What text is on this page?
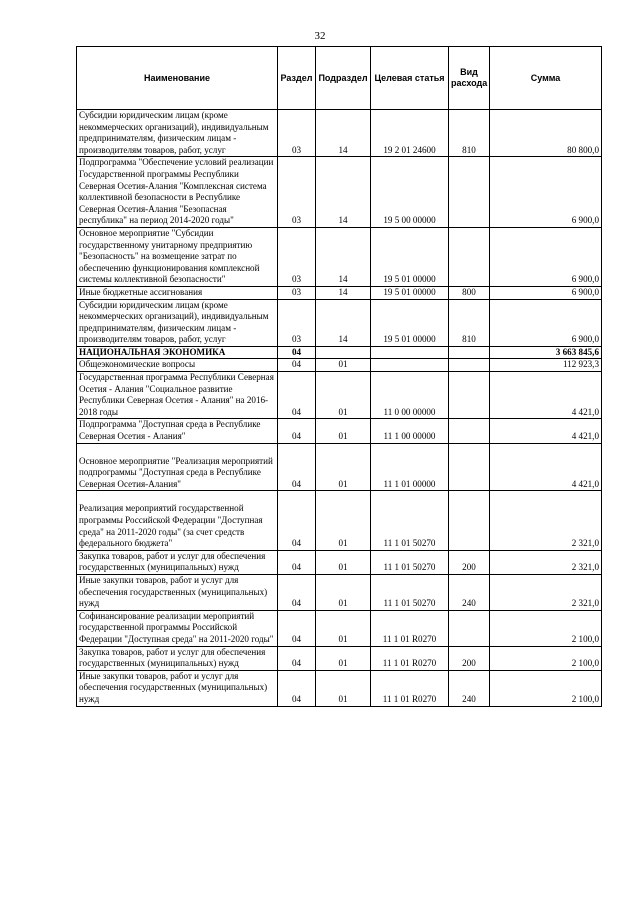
32
Наименование	Раздел	Подраздел	Целевая статья	Вид расхода	Сумма
Субсидии юридическим лицам (кроме некоммерческих организаций), индивидуальным предпринимателям, физическим лицам - производителям товаров, работ, услуг	03	14	19 2 01 24600	810	80 800,0
Подпрограмма "Обеспечение условий реализации Государственной программы Республики Северная Осетия-Алания "Комплексная система коллективной безопасности в Республике Северная Осетия-Алания "Безопасная республика" на период 2014-2020 годы"	03	14	19 5 00 00000		6 900,0
Основное мероприятие "Субсидии государственному унитарному предприятию "Безопасность" на возмещение затрат по обеспечению функционирования комплексной системы коллективной безопасности"	03	14	19 5 01 00000		6 900,0
Иные бюджетные ассигнования	03	14	19 5 01 00000	800	6 900,0
Субсидии юридическим лицам (кроме некоммерческих организаций), индивидуальным предпринимателям, физическим лицам - производителям товаров, работ, услуг	03	14	19 5 01 00000	810	6 900,0
НАЦИОНАЛЬНАЯ ЭКОНОМИКА	04				3 663 845,6
Общеэкономические вопросы	04	01			112 923,3
Государственная программа Республики Северная Осетия - Алания "Социальное развитие Республики Северная Осетия - Алания" на 2016-2018 годы	04	01	11 0 00 00000		4 421,0
Подпрограмма "Доступная среда в Республике Северная Осетия - Алания"	04	01	11 1 00 00000		4 421,0
Основное мероприятие "Реализация мероприятий подпрограммы "Доступная среда в Республике Северная Осетия-Алания"	04	01	11 1 01 00000		4 421,0
Реализация мероприятий государственной программы Российской Федерации "Доступная среда" на 2011-2020 годы" (за счет средств федерального бюджета"	04	01	11 1 01 50270		2 321,0
Закупка товаров, работ и услуг для обеспечения государственных (муниципальных) нужд	04	01	11 1 01 50270	200	2 321,0
Иные закупки товаров, работ и услуг для обеспечения государственных (муниципальных) нужд	04	01	11 1 01 50270	240	2 321,0
Софинансирование реализации мероприятий государственной программы Российской Федерации "Доступная среда" на 2011-2020 годы"	04	01	11 1 01 R0270		2 100,0
Закупка товаров, работ и услуг для обеспечения государственных (муниципальных) нужд	04	01	11 1 01 R0270	200	2 100,0
Иные закупки товаров, работ и услуг для обеспечения государственных (муниципальных) нужд	04	01	11 1 01 R0270	240	2 100,0
